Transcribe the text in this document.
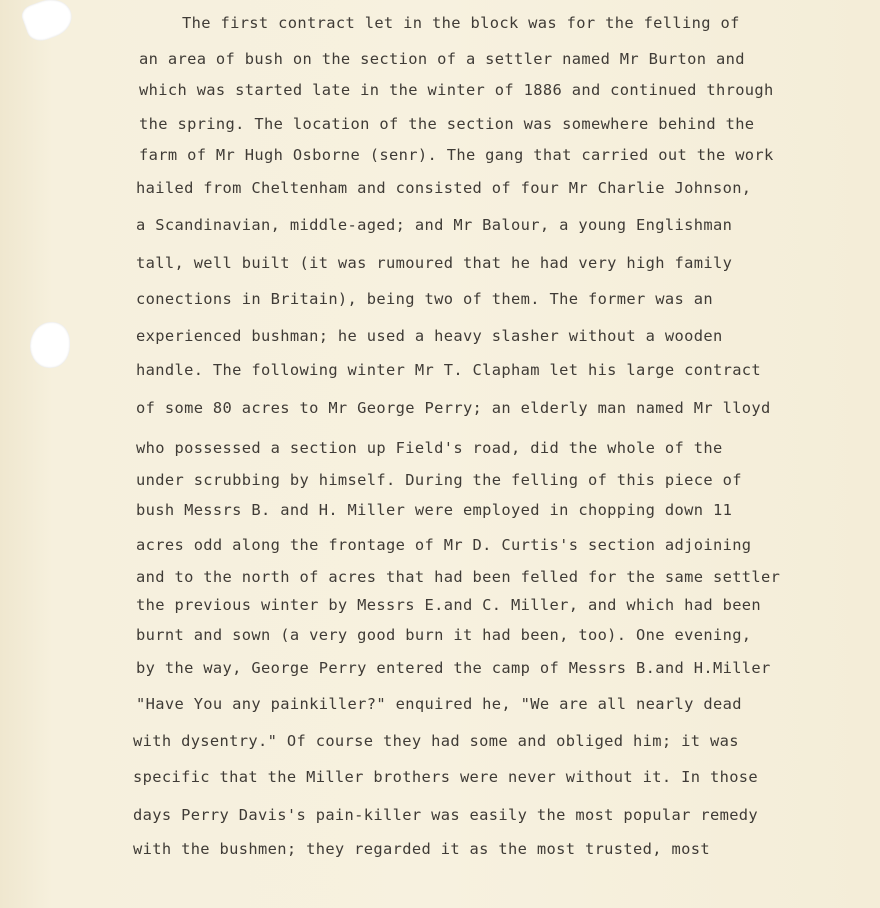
The first contract let in the block was for the felling of
an area of bush on the section of a settler named Mr Burton and
which was started late in the winter of 1886 and continued through
the spring. The location of the section was somewhere behind the
farm of Mr Hugh Osborne (senr). The gang that carried out the work
hailed from Cheltenham and consisted of four Mr Charlie Johnson,
a Scandinavian, middle-aged; and Mr Balour, a young Englishman
tall, well built (it was rumoured that he had very high family
conections in Britain), being two of them. The former was an
experienced bushman; he used a heavy slasher without a wooden
handle. The following winter Mr T. Clapham let his large contract
of some 80 acres to Mr George Perry; an elderly man named Mr lloyd
who possessed a section up Field's road, did the whole of the
under scrubbing by himself. During the felling of this piece of
bush Messrs B. and H. Miller were employed in chopping down 11
acres odd along the frontage of Mr D. Curtis's section adjoining
and to the north of acres that had been felled for the same settler
the previous winter by Messrs E.and C. Miller, and which had been
burnt and sown (a very good burn it had been, too). One evening,
by the way, George Perry entered the camp of Messrs B.and H.Miller
"Have You any painkiller?" enquired he, "We are all nearly dead
with dysentry." Of course they had some and obliged him; it was
specific that the Miller brothers were never without it. In those
days Perry Davis's pain-killer was easily the most popular remedy
with the bushmen; they regarded it as the most trusted, most
